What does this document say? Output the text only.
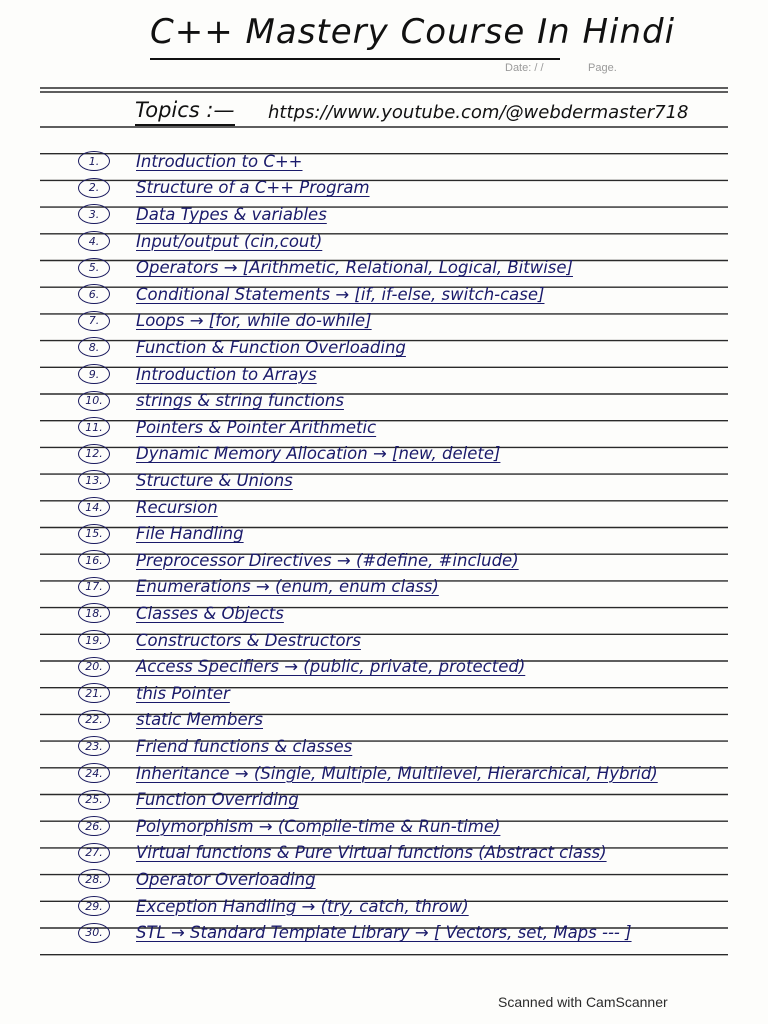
C++ Mastery Course In Hindi
Date: / /	Page.
Topics :— https://www.youtube.com/@webdermaster718
1.	Introduction to C++
2.	Structure of a C++ Program
3.	Data Types & variables
4.	Input/output (cin,cout)
5.	Operators → [Arithmetic, Relational, Logical, Bitwise]
6.	Conditional Statements → [if, if-else, switch-case]
7.	Loops → [for, while do-while]
8.	Function & Function Overloading
9.	Introduction to Arrays
10.	strings & string functions
11.	Pointers & Pointer Arithmetic
12.	Dynamic Memory Allocation → [new, delete]
13.	Structure & Unions
14.	Recursion
15.	File Handling
16.	Preprocessor Directives → (#define, #include)
17.	Enumerations → (enum, enum class)
18.	Classes & Objects
19.	Constructors & Destructors
20.	Access Specifiers → (public, private, protected)
21.	this Pointer
22.	static Members
23.	Friend functions & classes
24.	Inheritance → (Single, Multiple, Multilevel, Hierarchical, Hybrid)
25.	Function Overriding
26.	Polymorphism → (Compile-time & Run-time)
27.	Virtual functions & Pure Virtual functions (Abstract class)
28.	Operator Overloading
29.	Exception Handling → (try, catch, throw)
30.	STL → Standard Template Library → [ Vectors, set, Maps --- ]
Scanned with CamScanner
